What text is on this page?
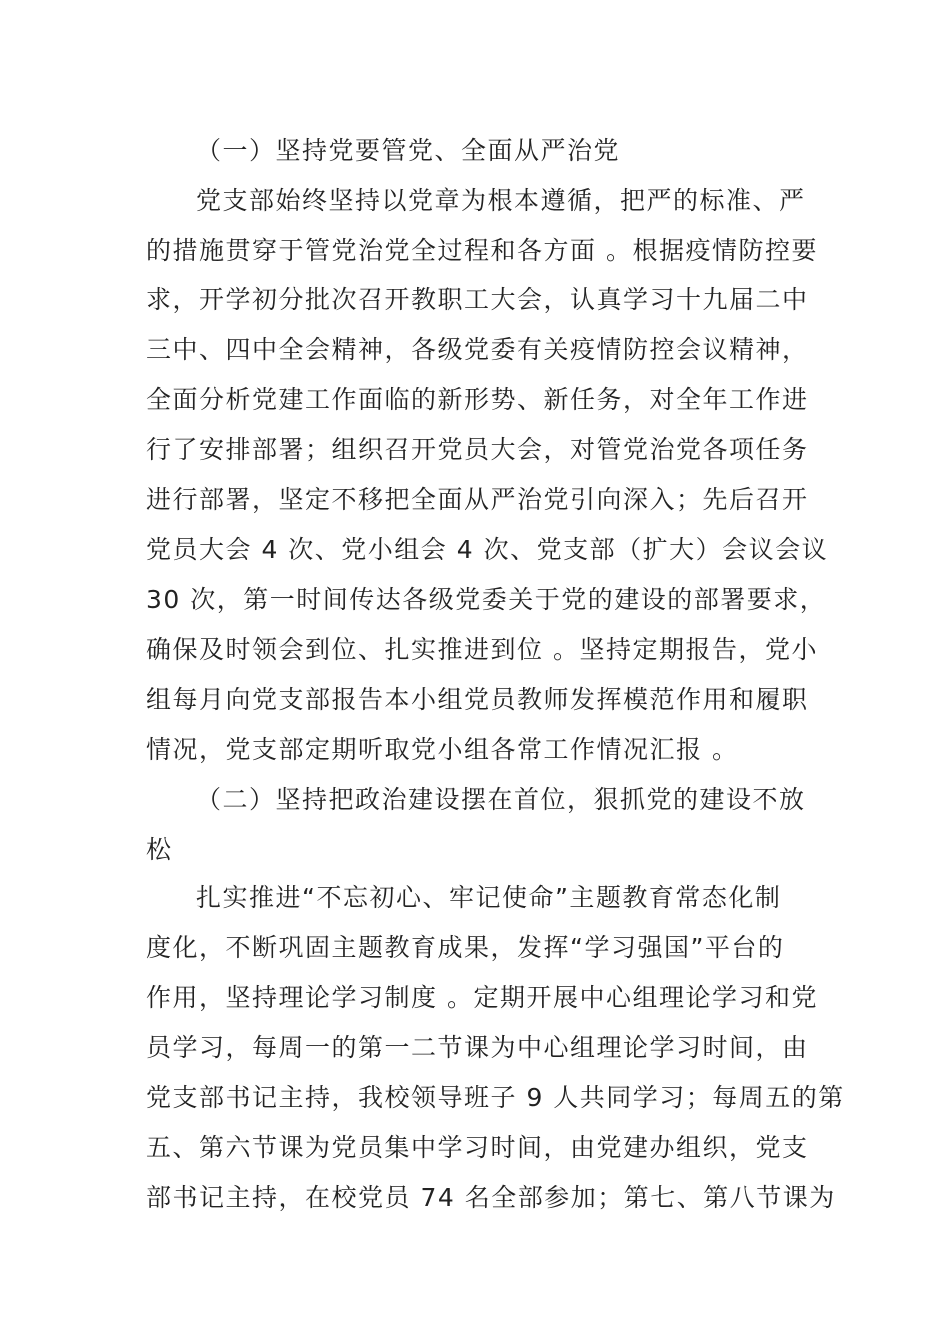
（一）坚持党要管党、全面从严治党
党支部始终坚持以党章为根本遵循，把严的标准、严
的措施贯穿于管党治党全过程和各方面 。根据疫情防控要
求，开学初分批次召开教职工大会，认真学习十九届二中
三中、四中全会精神，各级党委有关疫情防控会议精神，
全面分析党建工作面临的新形势、新任务，对全年工作进
行了安排部署；组织召开党员大会，对管党治党各项任务
进行部署，坚定不移把全面从严治党引向深入；先后召开
党员大会 4 次、党小组会 4 次、党支部（扩大）会议会议
30 次，第一时间传达各级党委关于党的建设的部署要求，
确保及时领会到位、扎实推进到位 。坚持定期报告，党小
组每月向党支部报告本小组党员教师发挥模范作用和履职
情况，党支部定期听取党小组各常工作情况汇报 。
（二）坚持把政治建设摆在首位，狠抓党的建设不放
松
扎实推进“不忘初心、牢记使命”主题教育常态化制
度化，不断巩固主题教育成果，发挥“学习强国”平台的
作用，坚持理论学习制度 。定期开展中心组理论学习和党
员学习，每周一的第一二节课为中心组理论学习时间，由
党支部书记主持，我校领导班子 9 人共同学习；每周五的第
五、第六节课为党员集中学习时间，由党建办组织，党支
部书记主持，在校党员 74 名全部参加；第七、第八节课为
